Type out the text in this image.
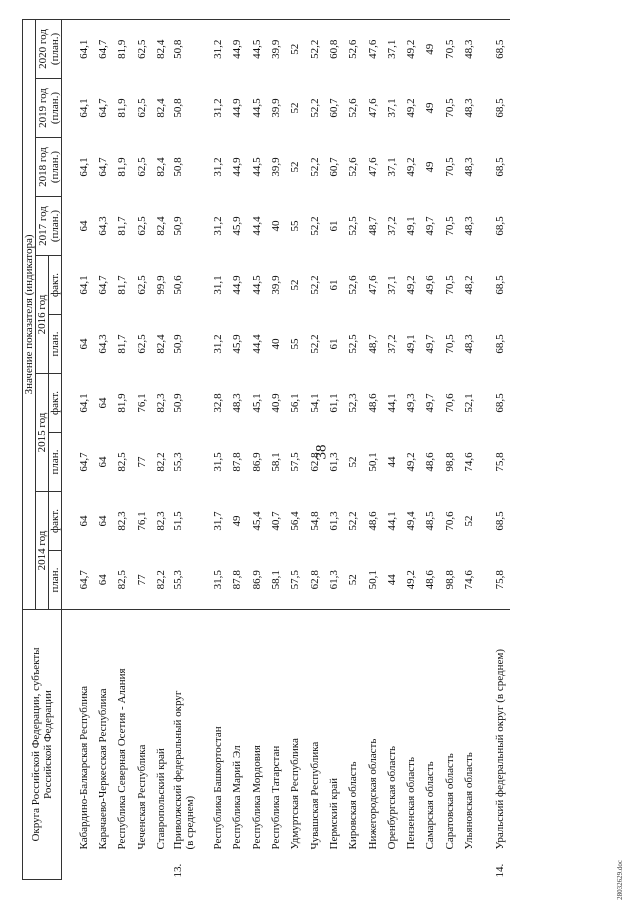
38
28032629.doc
Округа Российской Федерации, субъекты Российской Федерации		Значение показателя (индикатора)									
		2014 год		2015 год		2016 год		2017 год (план.)	2018 год (план.)	2019 год (план.)	2020 год (план.)
		план.	факт.	план.	факт.	план.	факт.				

	Кабардино-Балкарская Республика	64,7	64	64,7	64,1	64	64,1	64	64,1	64,1	64,1

	Карачаево-Черкесская Республика	64	64	64	64	64,3	64,7	64,3	64,7	64,7	64,7

	Республика Северная Осетия - Алания	82,5	82,3	82,5	81,9	81,7	81,7	81,7	81,9	81,9	81,9

	Чеченская Республика	77	76,1	77	76,1	62,5	62,5	62,5	62,5	62,5	62,5

	Ставропольский край	82,2	82,3	82,2	82,3	82,4	99,9	82,4	82,4	82,4	82,4
13.	Приволжский федеральный округ (в среднем)	55,3	51,5	55,3	50,9	50,9	50,6	50,9	50,8	50,8	50,8

	Республика Башкортостан	31,5	31,7	31,5	32,8	31,2	31,1	31,2	31,2	31,2	31,2

	Республика Марий Эл	87,8	49	87,8	48,3	45,9	44,9	45,9	44,9	44,9	44,9

	Республика Мордовия	86,9	45,4	86,9	45,1	44,4	44,5	44,4	44,5	44,5	44,5

	Республика Татарстан	58,1	40,7	58,1	40,9	40	39,9	40	39,9	39,9	39,9

	Удмуртская Республика	57,5	56,4	57,5	56,1	55	52	55	52	52	52

	Чувашская Республика	62,8	54,8	62,8	54,1	52,2	52,2	52,2	52,2	52,2	52,2

	Пермский край	61,3	61,3	61,3	61,1	61	61	61	60,7	60,7	60,8

	Кировская область	52	52,2	52	52,3	52,5	52,6	52,5	52,6	52,6	52,6

	Нижегородская область	50,1	48,6	50,1	48,6	48,7	47,6	48,7	47,6	47,6	47,6

	Оренбургская область	44	44,1	44	44,1	37,2	37,1	37,2	37,1	37,1	37,1

	Пензенская область	49,2	49,4	49,2	49,3	49,1	49,2	49,1	49,2	49,2	49,2

	Самарская область	48,6	48,5	48,6	49,7	49,7	49,6	49,7	49	49	49

	Саратовская область	98,8	70,6	98,8	70,6	70,5	70,5	70,5	70,5	70,5	70,5

	Ульяновская область	74,6	52	74,6	52,1	48,3	48,2	48,3	48,3	48,3	48,3

14.	Уральский федеральный округ (в среднем)	75,8	68,5	75,8	68,5	68,5	68,5	68,5	68,5	68,5	68,5
